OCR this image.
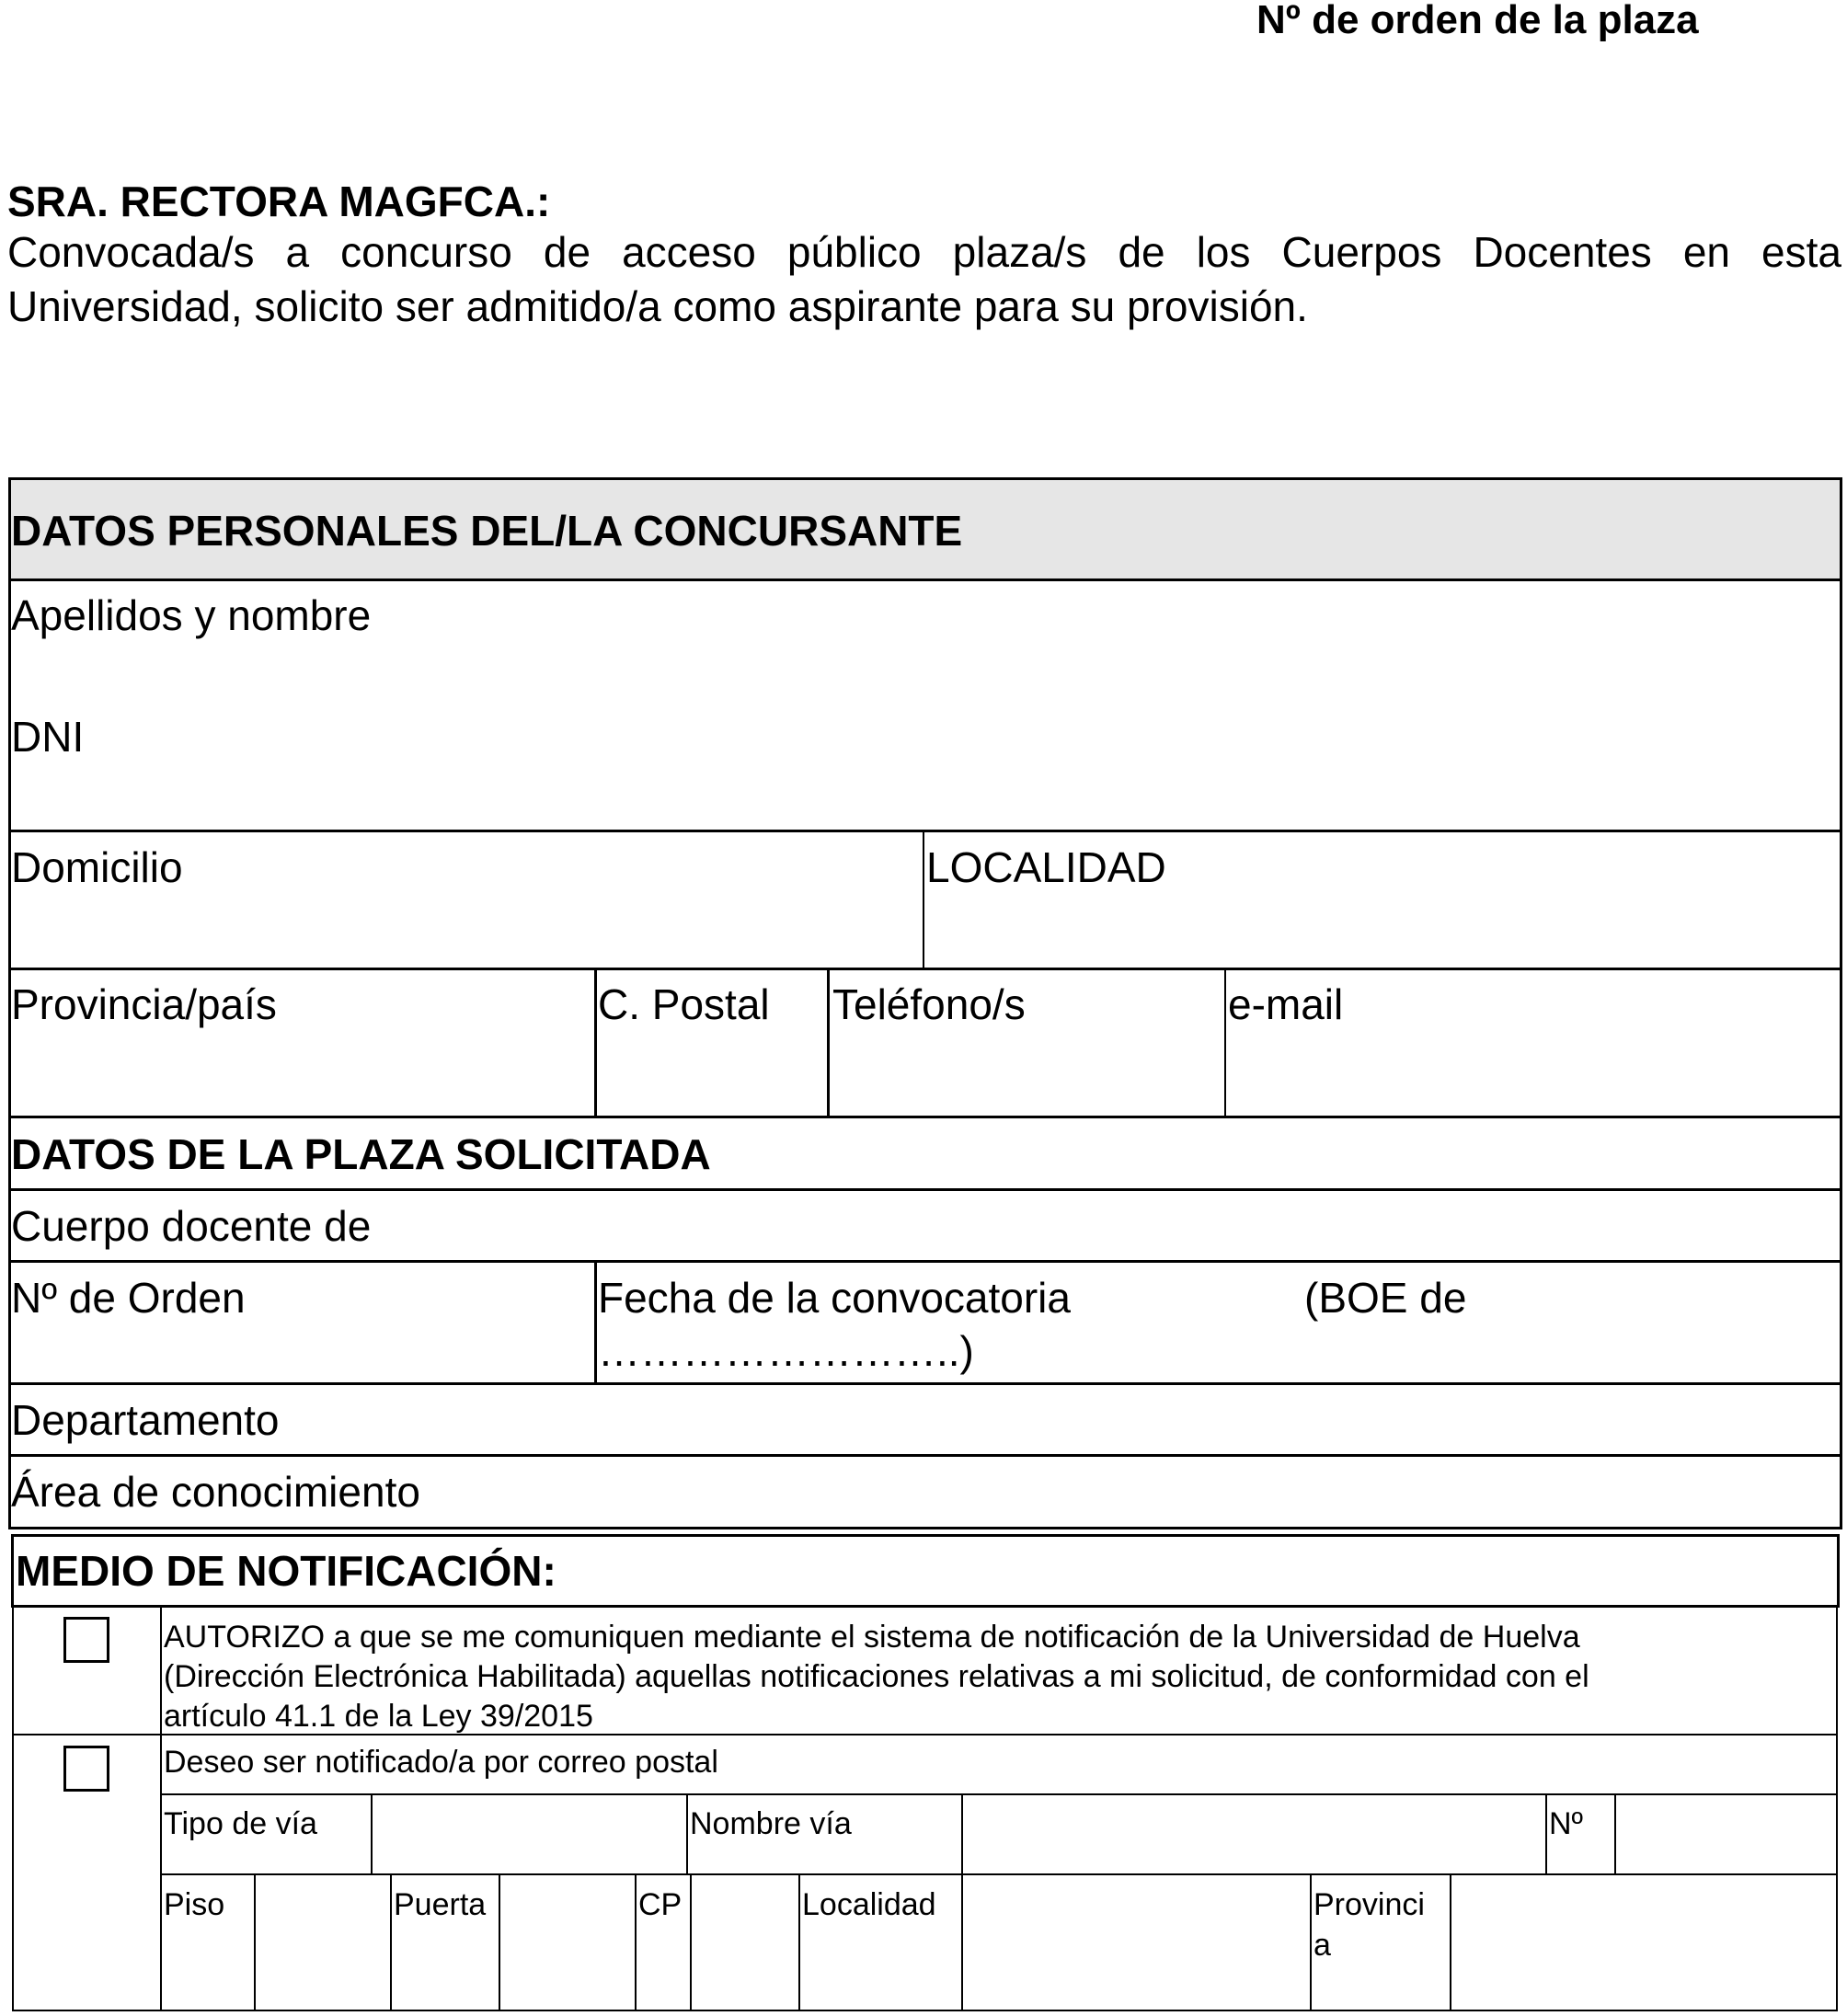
Nº de orden de la plaza
SRA. RECTORA MAGFCA.:
Convocada/s a concurso de acceso público plaza/s de los Cuerpos Docentes en esta
Universidad, solicito ser admitido/a como aspirante para su provisión.
DATOS PERSONALES DEL/LA CONCURSANTE
Apellidos y nombre
DNI
Domicilio	LOCALIDAD
Provincia/país	C. Postal Teléfono/s	e-mail
DATOS DE LA PLAZA SOLICITADA
Cuerpo docente de
Nº de Orden	Fecha de la convocatoria	(BOE de
……………………..)
Departamento
Área de conocimiento
MEDIO DE NOTIFICACIÓN:
AUTORIZO a que se me comuniquen mediante el sistema de notificación de la Universidad de Huelva
(Dirección Electrónica Habilitada) aquellas notificaciones relativas a mi solicitud, de conformidad con el
artículo 41.1 de la Ley 39/2015
Deseo ser notificado/a por correo postal
Tipo de vía	Nombre vía	Nº
Piso	Puerta	CP	Localidad	Provinci
a
